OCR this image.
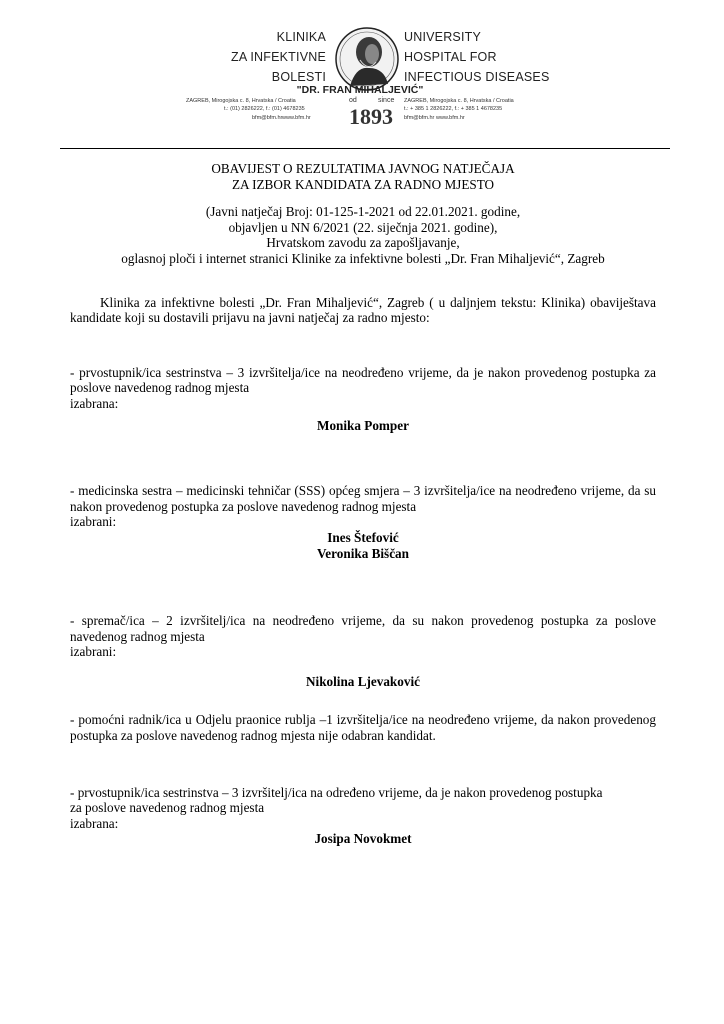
KLINIKA
ZA INFEKTIVNE
BOLESTI
UNIVERSITY
HOSPITAL FOR
INFECTIOUS DISEASES
"DR. FRAN MIHALJEVIĆ"
ZAGREB, Mirogojska c. 8, Hrvatska / Croatia
t.: (01) 2826222, f.: (01) 4678235
bfm@bfm.hr www.bfm.hr
ZAGREB, Mirogojska c. 8, Hrvatska / Croatia
t.: + 385 1 2826222, f.: + 385 1 4678235
bfm@bfm.hr www.bfm.hr
od	since
1893
OBAVIJEST O REZULTATIMA JAVNOG NATJEČAJA
ZA IZBOR KANDIDATA ZA RADNO MJESTO
(Javni natječaj Broj: 01-125-1-2021 od 22.01.2021. godine,
objavljen u NN 6/2021 (22. siječnja 2021. godine),
Hrvatskom zavodu za zapošljavanje,
oglasnoj ploči i internet stranici Klinike za infektivne bolesti „Dr. Fran Mihaljević“, Zagreb
Klinika za infektivne bolesti „Dr. Fran Mihaljević“, Zagreb ( u daljnjem tekstu: Klinika) obaviještava kandidate koji su dostavili prijavu na javni natječaj za radno mjesto:
- prvostupnik/ica sestrinstva – 3 izvršitelja/ice na neodređeno vrijeme, da je nakon provedenog postupka za poslove navedenog radnog mjesta
izabrana:
Monika Pomper
- medicinska sestra – medicinski tehničar (SSS) općeg smjera – 3 izvršitelja/ice na neodređeno vrijeme, da su nakon provedenog postupka za poslove navedenog radnog mjesta
izabrani:
Ines Štefović
Veronika Biščan
- spremač/ica – 2 izvršitelj/ica na neodređeno vrijeme, da su nakon provedenog postupka za poslove navedenog radnog mjesta
izabrani:
Nikolina Ljevaković
- pomoćni radnik/ica u Odjelu praonice rublja –1 izvršitelja/ice na neodređeno vrijeme, da nakon provedenog postupka za poslove navedenog radnog mjesta nije odabran kandidat.
- prvostupnik/ica sestrinstva – 3 izvršitelj/ica na određeno vrijeme, da je nakon provedenog postupka za poslove navedenog radnog mjesta
izabrana:
Josipa Novokmet
